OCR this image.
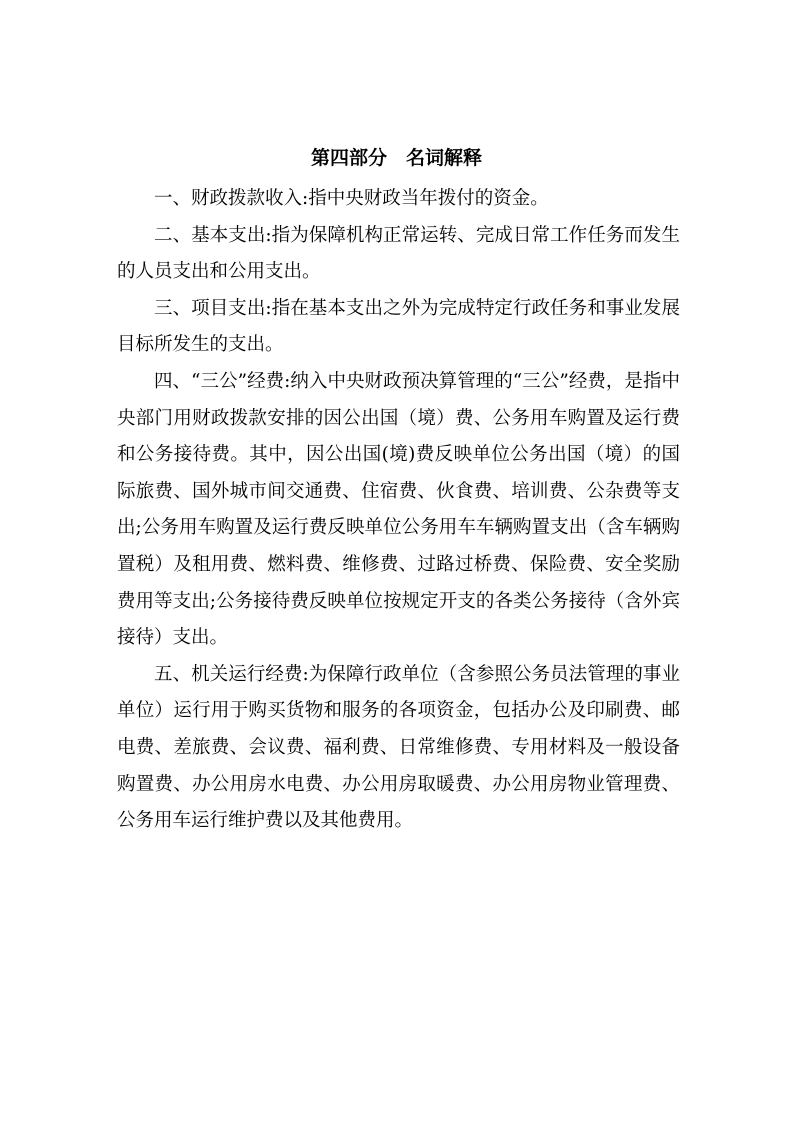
第四部分　名词解释

一、财政拨款收入:指中央财政当年拨付的资金。

二、基本支出:指为保障机构正常运转、完成日常工作任务而发生的人员支出和公用支出。

三、项目支出:指在基本支出之外为完成特定行政任务和事业发展目标所发生的支出。

四、“三公”经费:纳入中央财政预决算管理的“三公”经费，是指中央部门用财政拨款安排的因公出国（境）费、公务用车购置及运行费和公务接待费。其中，因公出国(境)费反映单位公务出国（境）的国际旅费、国外城市间交通费、住宿费、伙食费、培训费、公杂费等支出;公务用车购置及运行费反映单位公务用车车辆购置支出（含车辆购置税）及租用费、燃料费、维修费、过路过桥费、保险费、安全奖励费用等支出;公务接待费反映单位按规定开支的各类公务接待（含外宾接待）支出。

五、机关运行经费:为保障行政单位（含参照公务员法管理的事业单位）运行用于购买货物和服务的各项资金，包括办公及印刷费、邮电费、差旅费、会议费、福利费、日常维修费、专用材料及一般设备购置费、办公用房水电费、办公用房取暖费、办公用房物业管理费、公务用车运行维护费以及其他费用。
